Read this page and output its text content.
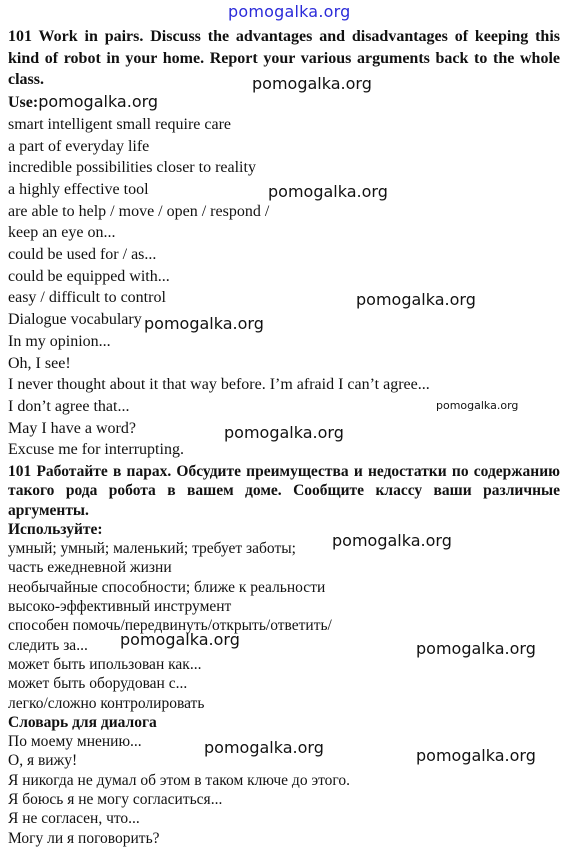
pomogalka.org
101 Work in pairs. Discuss the advantages and disadvantages of keeping this kind of robot in your home. Report your various arguments back to the whole class.
Use:pomogalka.org
smart intelligent small require care
a part of everyday life
incredible possibilities closer to reality
a highly effective tool
are able to help / move / open / respond /
keep an eye on...
could be used for / as...
could be equipped with...
easy / difficult to control
Dialogue vocabulary
In my opinion...
Oh, I see!
I never thought about it that way before. I’m afraid I can’t agree...
I don’t agree that...
May I have a word?
Excuse me for interrupting.
101 Работайте в парах. Обсудите преимущества и недостатки по содержанию такого рода робота в вашем доме. Сообщите классу ваши различные аргументы.
Используйте:
умный; умный; маленький; требует заботы;
часть ежедневной жизни
необычайные способности; ближе к реальности
высоко-эффективный инструмент
способен помочь/передвинуть/открыть/ответить/
следить за...
может быть ипользован как...
может быть оборудован с...
легко/сложно контролировать
Словарь для диалога
По моему мнению...
О, я вижу!
Я никогда не думал об этом в таком ключе до этого.
Я боюсь я не могу согласиться...
Я не согласен, что...
Могу ли я поговорить?
pomogalka.org
pomogalka.org
pomogalka.org
pomogalka.org
pomogalka.org
pomogalka.org
pomogalka.org
pomogalka.org	pomogalka.org
pomogalka.org	pomogalka.org
